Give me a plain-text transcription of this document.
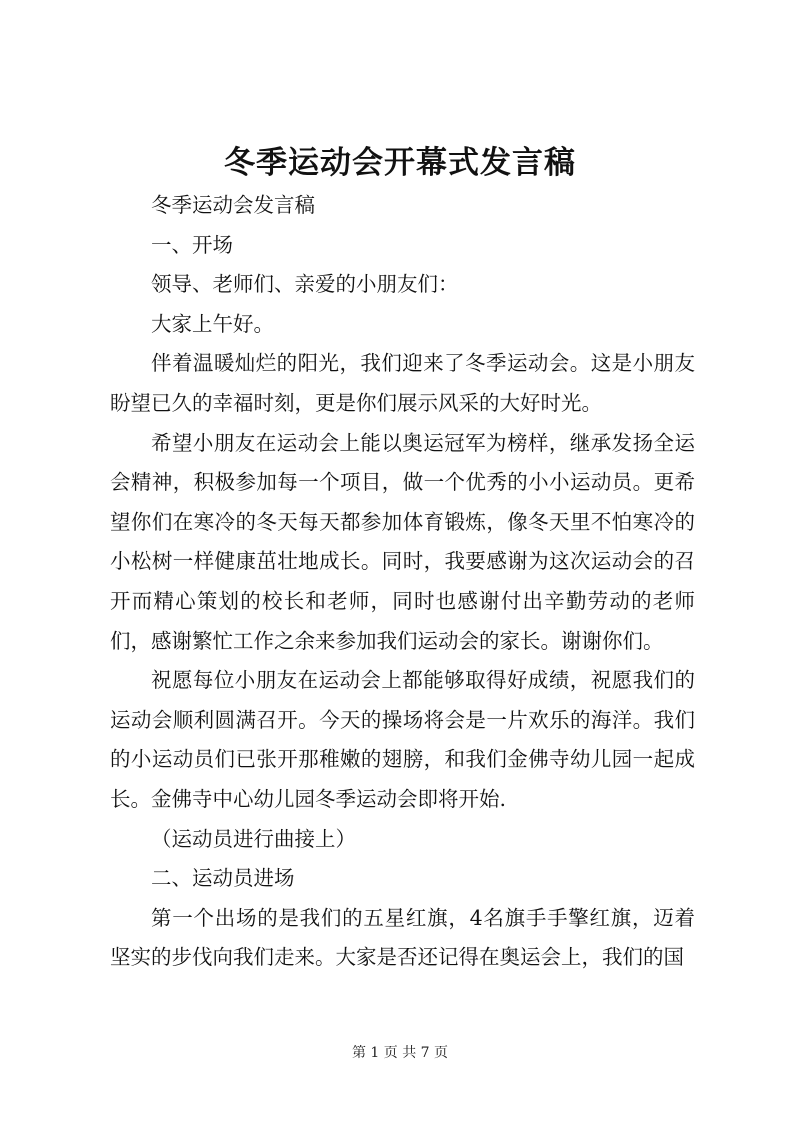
冬季运动会开幕式发言稿

冬季运动会发言稿

一、开场

领导、老师们、亲爱的小朋友们：

大家上午好。

伴着温暖灿烂的阳光，我们迎来了冬季运动会。这是小朋友盼望已久的幸福时刻，更是你们展示风采的大好时光。

希望小朋友在运动会上能以奥运冠军为榜样，继承发扬全运会精神，积极参加每一个项目，做一个优秀的小小运动员。更希望你们在寒冷的冬天每天都参加体育锻炼，像冬天里不怕寒冷的小松树一样健康茁壮地成长。同时，我要感谢为这次运动会的召开而精心策划的校长和老师，同时也感谢付出辛勤劳动的老师们，感谢繁忙工作之余来参加我们运动会的家长。谢谢你们。

祝愿每位小朋友在运动会上都能够取得好成绩，祝愿我们的运动会顺利圆满召开。今天的操场将会是一片欢乐的海洋。我们的小运动员们已张开那稚嫩的翅膀，和我们金佛寺幼儿园一起成长。金佛寺中心幼儿园冬季运动会即将开始.

（运动员进行曲接上）

二、运动员进场

第一个出场的是我们的五星红旗，4名旗手手擎红旗，迈着坚实的步伐向我们走来。大家是否还记得在奥运会上，我们的国

第 1 页 共 7 页
